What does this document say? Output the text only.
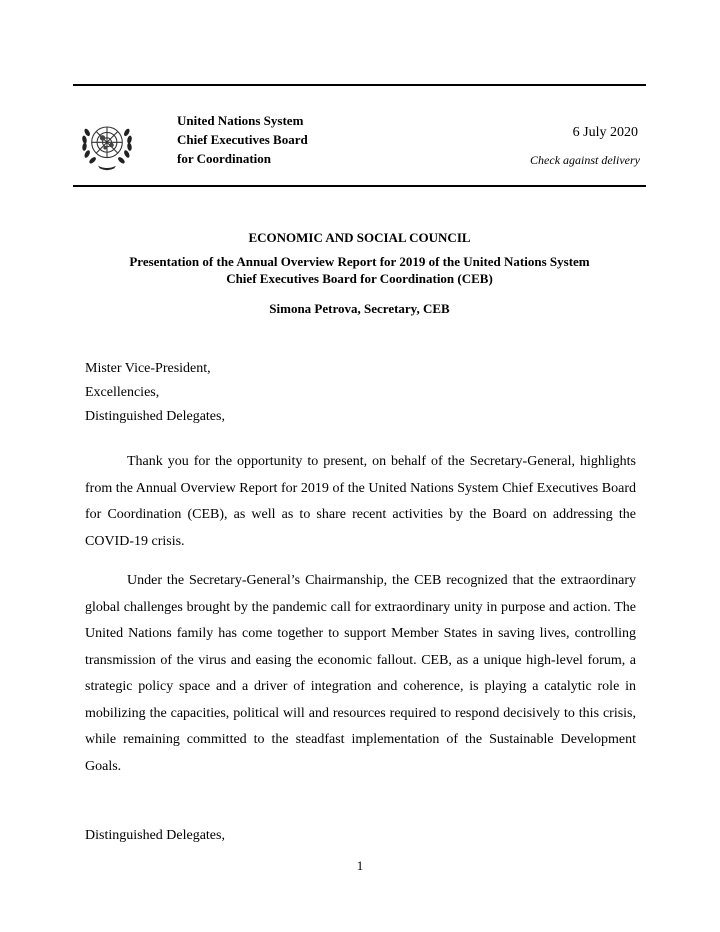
United Nations System
Chief Executives Board
for Coordination
6 July 2020
Check against delivery
ECONOMIC AND SOCIAL COUNCIL
Presentation of the Annual Overview Report for 2019 of the United Nations System
Chief Executives Board for Coordination (CEB)
Simona Petrova, Secretary, CEB
Mister Vice-President,
Excellencies,
Distinguished Delegates,
Thank you for the opportunity to present, on behalf of the Secretary-General, highlights from the Annual Overview Report for 2019 of the United Nations System Chief Executives Board for Coordination (CEB), as well as to share recent activities by the Board on addressing the COVID-19 crisis.
Under the Secretary-General’s Chairmanship, the CEB recognized that the extraordinary global challenges brought by the pandemic call for extraordinary unity in purpose and action. The United Nations family has come together to support Member States in saving lives, controlling transmission of the virus and easing the economic fallout. CEB, as a unique high-level forum, a strategic policy space and a driver of integration and coherence, is playing a catalytic role in mobilizing the capacities, political will and resources required to respond decisively to this crisis, while remaining committed to the steadfast implementation of the Sustainable Development Goals.
Distinguished Delegates,
1
